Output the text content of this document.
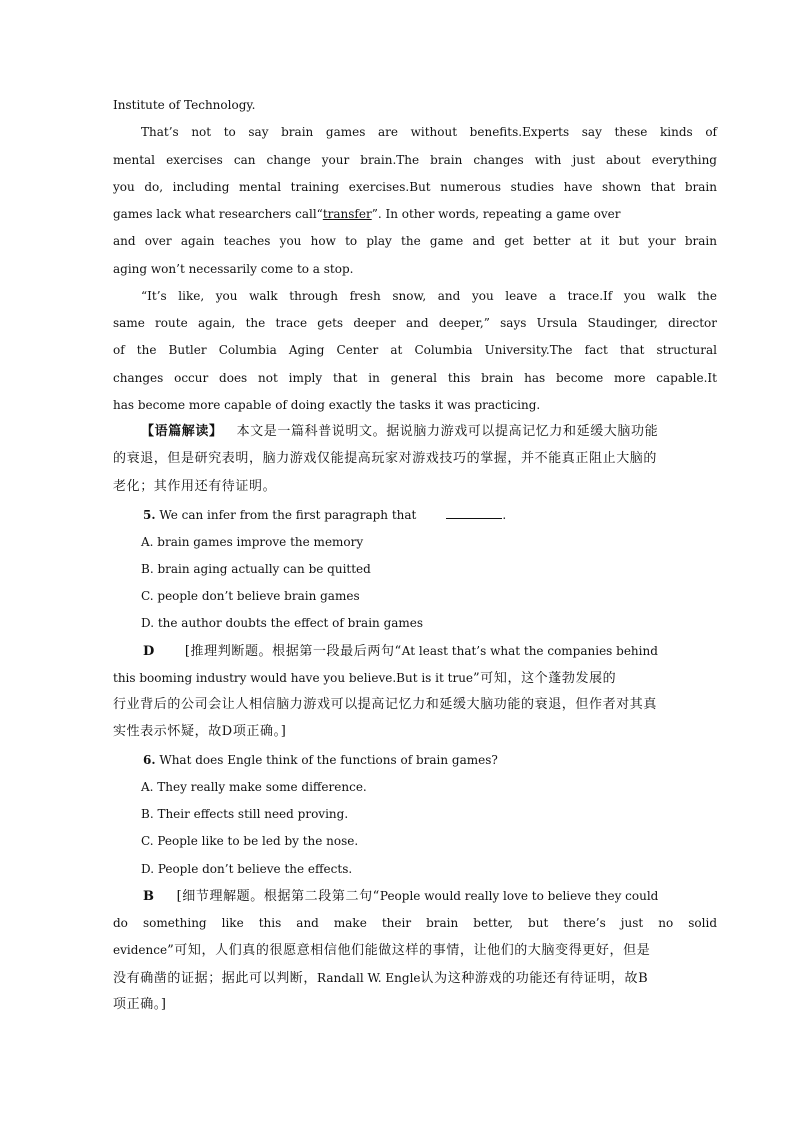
Institute of Technology.
That’s not to say brain games are without benefits.Experts say these kinds of
mental exercises can change your brain.The brain changes with just about everything
you do, including mental training exercises.But numerous studies have shown that brain
games lack what researchers call“transfer”. In other words, repeating a game over
and over again teaches you how to play the game and get better at it but your brain
aging won’t necessarily come to a stop.
“It’s like, you walk through fresh snow, and you leave a trace.If you walk the
same route again, the trace gets deeper and deeper,” says Ursula Staudinger, director
of the Butler Columbia Aging Center at Columbia University.The fact that structural
changes occur does not imply that in general this brain has become more capable.It
has become more capable of doing exactly the tasks it was practicing.
【语篇解读】 本文是一篇科普说明文。据说脑力游戏可以提高记忆力和延缓大脑功能
的衰退，但是研究表明，脑力游戏仅能提高玩家对游戏技巧的掌握，并不能真正阻止大脑的
老化；其作用还有待证明。
5. We can infer from the first paragraph that	.
A. brain games improve the memory
B. brain aging actually can be quitted
C. people don’t believe brain games
D. the author doubts the effect of brain games
D [推理判断题。根据第一段最后两句“At least that’s what the companies behind
this booming industry would have you believe.But is it true”可知，这个蓬勃发展的
行业背后的公司会让人相信脑力游戏可以提高记忆力和延缓大脑功能的衰退，但作者对其真
实性表示怀疑，故D项正确。]
6. What does Engle think of the functions of brain games?
A. They really make some difference.
B. Their effects still need proving.
C. People like to be led by the nose.
D. People don’t believe the effects.
B [细节理解题。根据第二段第二句“People would really love to believe they could
do something like this and make their brain better, but there’s just no solid
evidence”可知，人们真的很愿意相信他们能做这样的事情，让他们的大脑变得更好，但是
没有确凿的证据；据此可以判断，Randall W. Engle认为这种游戏的功能还有待证明，故B
项正确。]
